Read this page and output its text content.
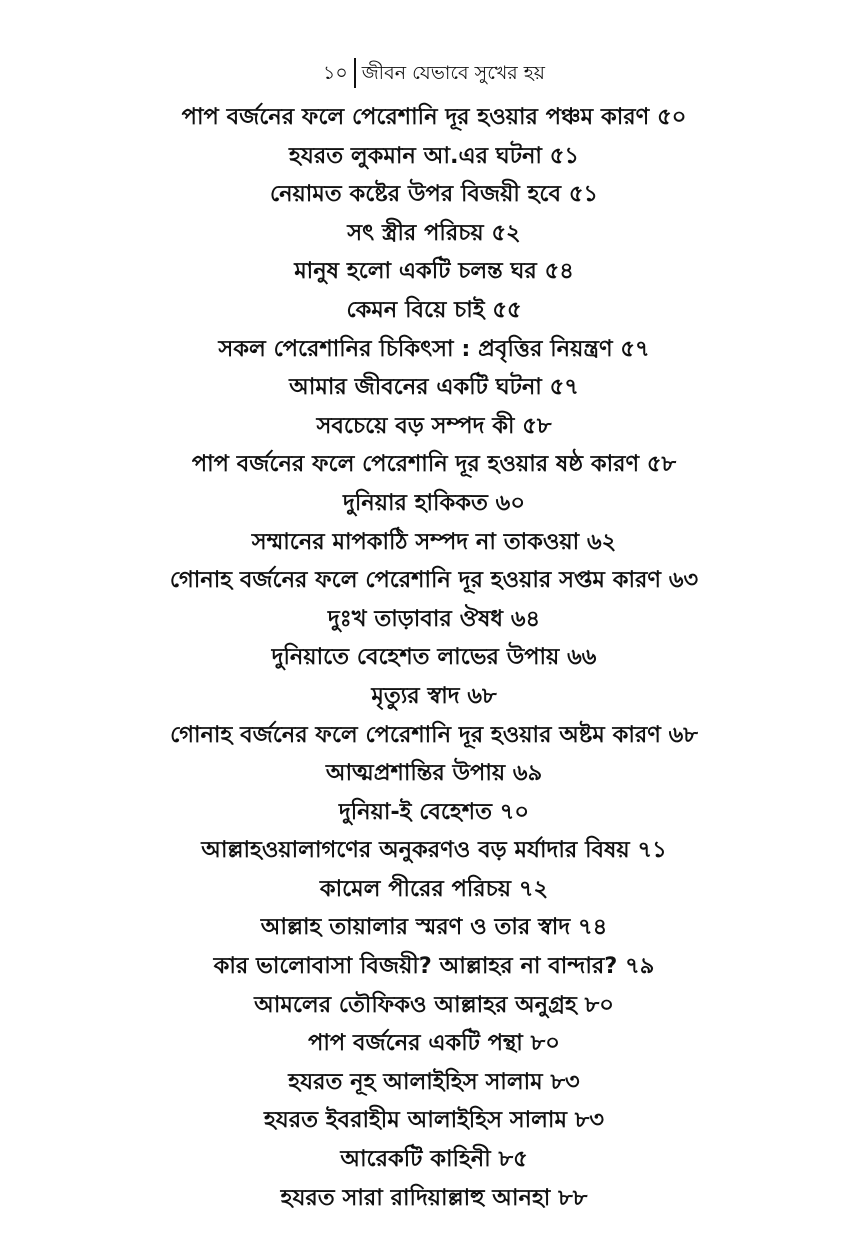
১০ জীবন যেভাবে সুখের হয়
পাপ বর্জনের ফলে পেরেশানি দূর হওয়ার পঞ্চম কারণ ৫০
হযরত লুকমান আ.এর ঘটনা ৫১
নেয়ামত কষ্টের উপর বিজয়ী হবে ৫১
সৎ স্ত্রীর পরিচয় ৫২
মানুষ হলো একটি চলন্ত ঘর ৫৪
কেমন বিয়ে চাই ৫৫
সকল পেরেশানির চিকিৎসা : প্রবৃত্তির নিয়ন্ত্রণ ৫৭
আমার জীবনের একটি ঘটনা ৫৭
সবচেয়ে বড় সম্পদ কী ৫৮
পাপ বর্জনের ফলে পেরেশানি দূর হওয়ার ষষ্ঠ কারণ ৫৮
দুনিয়ার হাকিকত ৬০
সম্মানের মাপকাঠি সম্পদ না তাকওয়া ৬২
গোনাহ বর্জনের ফলে পেরেশানি দূর হওয়ার সপ্তম কারণ ৬৩
দুঃখ তাড়াবার ঔষধ ৬৪
দুনিয়াতে বেহেশত লাভের উপায় ৬৬
মৃত্যুর স্বাদ ৬৮
গোনাহ বর্জনের ফলে পেরেশানি দূর হওয়ার অষ্টম কারণ ৬৮
আত্মপ্রশান্তির উপায় ৬৯
দুনিয়া-ই বেহেশত ৭০
আল্লাহওয়ালাগণের অনুকরণও বড় মর্যাদার বিষয় ৭১
কামেল পীরের পরিচয় ৭২
আল্লাহ তায়ালার স্মরণ ও তার স্বাদ ৭৪
কার ভালোবাসা বিজয়ী? আল্লাহর না বান্দার? ৭৯
আমলের তৌফিকও আল্লাহর অনুগ্রহ ৮০
পাপ বর্জনের একটি পন্থা ৮০
হযরত নূহ আলাইহিস সালাম ৮৩
হযরত ইবরাহীম আলাইহিস সালাম ৮৩
আরেকটি কাহিনী ৮৫
হযরত সারা রাদিয়াল্লাহু আনহা ৮৮
